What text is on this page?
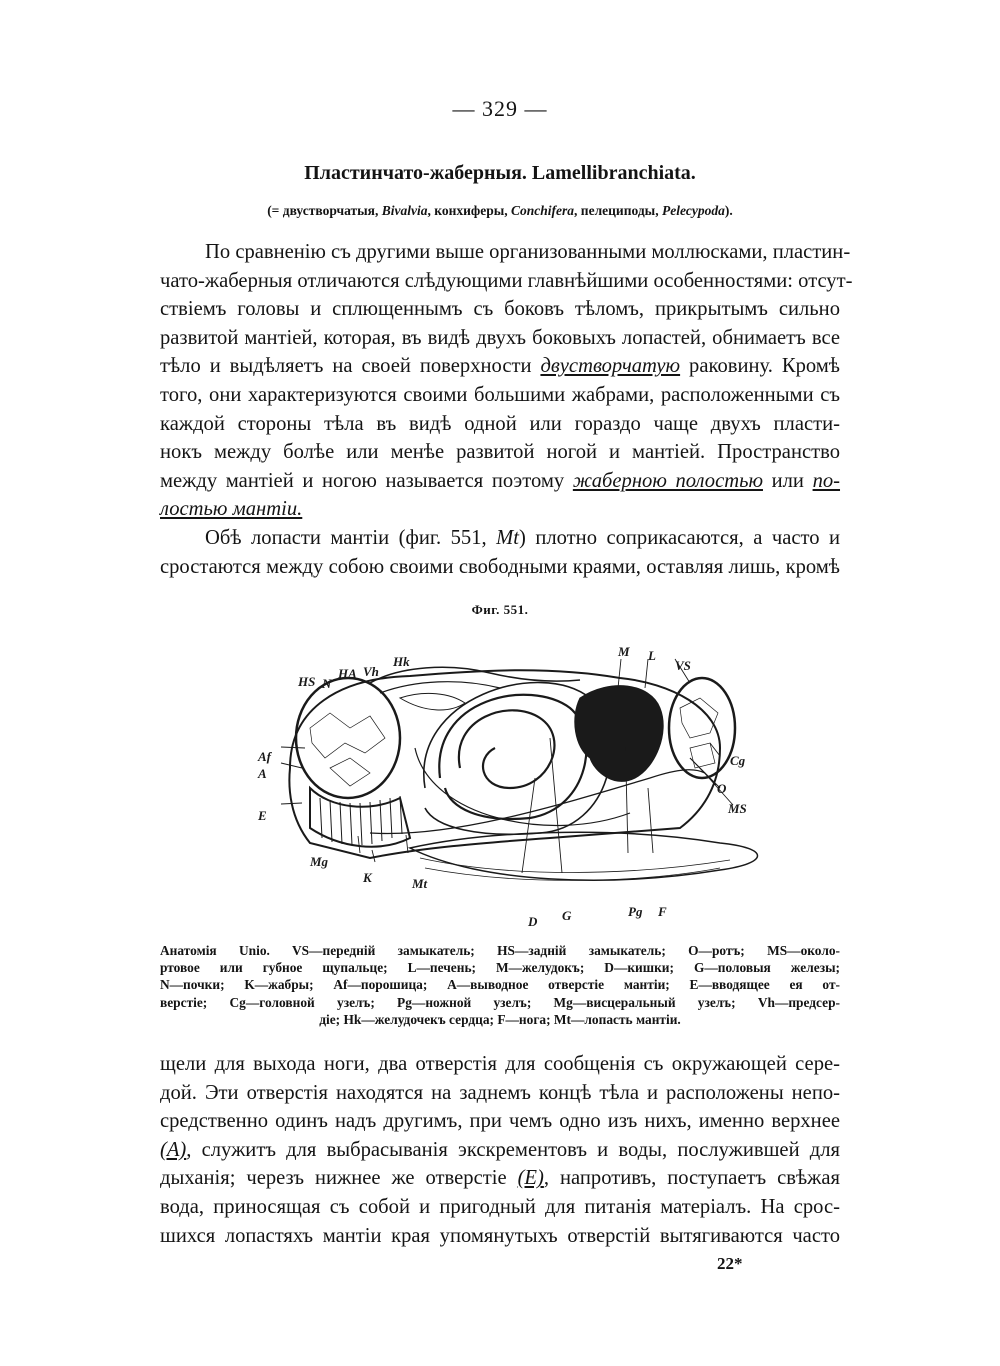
— 329 —
Пластинчато-жаберныя. Lamellibranchiata.
(= двустворчатыя, Bivalvia, конхиферы, Conchifera, пелециподы, Pelecypoda).
По сравненію съ другими выше организованными моллюсками, пластин-
чато-жаберныя отличаются слѣдующими главнѣйшими особенностями: отсут-
ствіемъ головы и сплющеннымъ съ боковъ тѣломъ, прикрытымъ сильно
развитой мантіей, которая, въ видѣ двухъ боковыхъ лопастей, обнимаетъ все
тѣло и выдѣляетъ на своей поверхности двустворчатую раковину. Кромѣ
того, они характеризуются своими большими жабрами, расположенными съ
каждой стороны тѣла въ видѣ одной или гораздо чаще двухъ пласти-
нокъ между болѣе или менѣе развитой ногой и мантіей. Пространство
между мантіей и ногою называется поэтому жаберною полостью или по-
лостью мантіи.
Обѣ лопасти мантіи (фиг. 551, Mt) плотно соприкасаются, а часто и
сростаются между собою своими свободными краями, оставляя лишь, кромѣ
Фиг. 551.
HS N
HA Vh
Hk
M L
VS
Af
A
E
Cg
O
MS
Mg
K	Mt
D G	Pg F
Анатомія Unio. VS—передній замыкатель; HS—задній замыкатель; O—ротъ; MS—около-
ртовое или губное щупальце; L—печень; M—желудокъ; D—кишки; G—половыя железы;
N—почки; K—жабры; Af—порошица; A—выводное отверстіе мантіи; E—вводящее ея от-
верстіе; Cg—головной узелъ; Pg—ножной узелъ; Mg—висцеральный узелъ; Vh—предсер-
діе; Hk—желудочекъ сердца; F—нога; Mt—лопасть мантіи.
щели для выхода ноги, два отверстія для сообщенія съ окружающей сере-
дой. Эти отверстія находятся на заднемъ концѣ тѣла и расположены непо-
средственно одинъ надъ другимъ, при чемъ одно изъ нихъ, именно верхнее
(A), служитъ для выбрасыванія экскрементовъ и воды, послужившей для
дыханія; черезъ нижнее же отверстіе (E), напротивъ, поступаетъ свѣжая
вода, приносящая съ собой и пригодный для питанія матеріалъ. На срос-
шихся лопастяхъ мантіи края упомянутыхъ отверстій вытягиваются часто
22*
